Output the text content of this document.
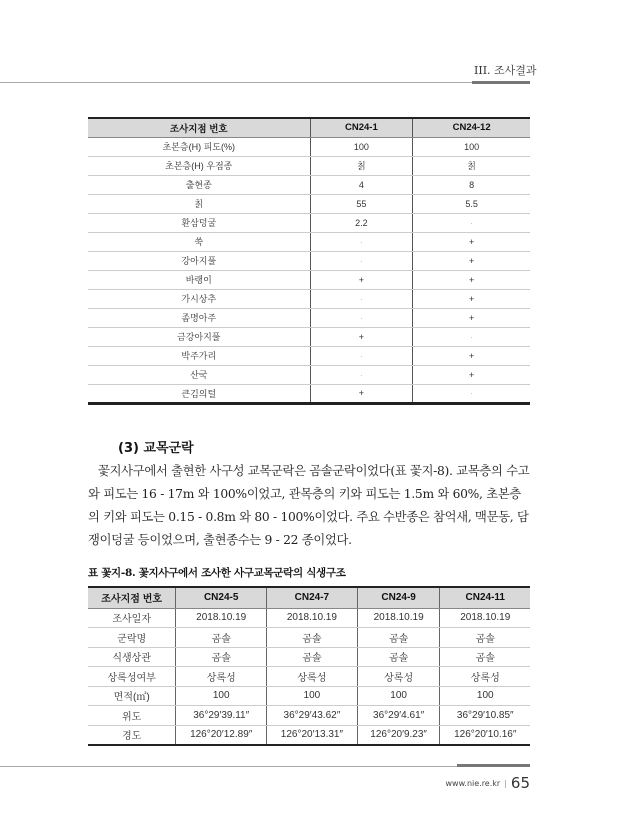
III. 조사결과
조사지점 번호	CN24-1	CN24-12
초본층(H) 피도(%)	100	100
초본층(H) 우점종	칡	칡
출현종	4	8
칡	55	5.5
환삼덩굴	2.2	·
쑥	·	+
강아지풀	·	+
바랭이	+	+
가시상추	·	+
좀명아주	·	+
금강아지풀	+	·
박주가리	·	+
산국	·	+
큰김의털	+	·
(3) 교목군락

꽃지사구에서 출현한 사구성 교목군락은 곰솔군락이었다(표 꽃지-8). 교목층의 수고와 피도는 16 - 17m 와 100%이었고, 관목층의 키와 피도는 1.5m 와 60%, 초본층의 키와 피도는 0.15 - 0.8m 와 80 - 100%이었다. 주요 수반종은 참억새, 맥문동, 담쟁이덩굴 등이었으며, 출현종수는 9 - 22 종이었다.

표 꽃지-8. 꽃지사구에서 조사한 사구교목군락의 식생구조
조사지점 번호	CN24-5	CN24-7	CN24-9	CN24-11
조사일자	2018.10.19	2018.10.19	2018.10.19	2018.10.19
군락명	곰솔	곰솔	곰솔	곰솔
식생상관	곰솔	곰솔	곰솔	곰솔
상록성여부	상록성	상록성	상록성	상록성
면적(㎡)	100	100	100	100
위도	36°29′39.11″	36°29′43.62″	36°29′4.61″	36°29′10.85″
경도	126°20′12.89″	126°20′13.31″	126°20′9.23″	126°20′10.16″
www.nie.re.kr | 65
